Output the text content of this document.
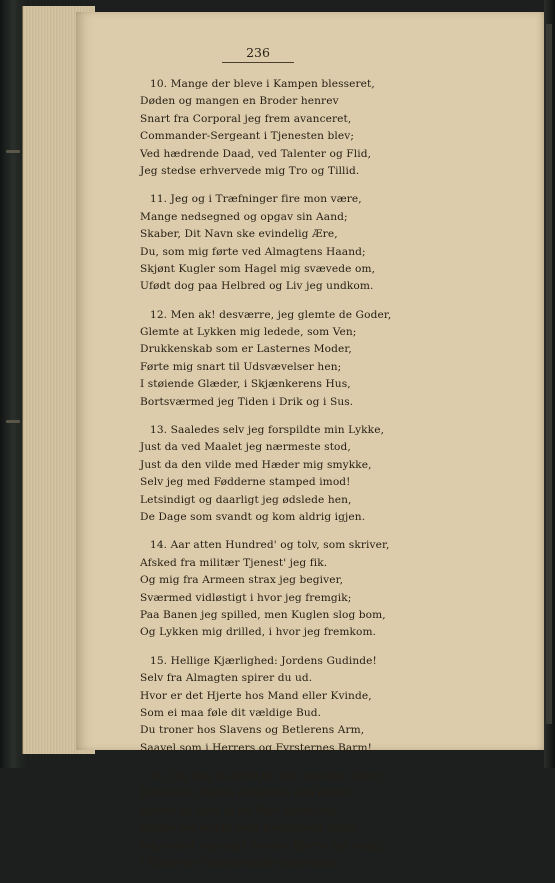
236
10. Mange der bleve i Kampen blesseret,
Døden og mangen en Broder henrev
Snart fra Corporal jeg frem avanceret,
Commander-Sergeant i Tjenesten blev;
Ved hædrende Daad, ved Talenter og Flid,
Jeg stedse erhvervede mig Tro og Tillid.
11. Jeg og i Træfninger fire mon være,
Mange nedsegned og opgav sin Aand;
Skaber, Dit Navn ske evindelig Ære,
Du, som mig førte ved Almagtens Haand;
Skjønt Kugler som Hagel mig svævede om,
Ufødt dog paa Helbred og Liv jeg undkom.
12. Men ak! desværre, jeg glemte de Goder,
Glemte at Lykken mig ledede, som Ven;
Drukkenskab som er Lasternes Moder,
Førte mig snart til Udsvævelser hen;
I støiende Glæder, i Skjænkerens Hus,
Bortsværmed jeg Tiden i Drik og i Sus.
13. Saaledes selv jeg forspildte min Lykke,
Just da ved Maalet jeg nærmeste stod,
Just da den vilde med Hæder mig smykke,
Selv jeg med Fødderne stamped imod!
Letsindigt og daarligt jeg ødslede hen,
De Dage som svandt og kom aldrig igjen.
14. Aar atten Hundred' og tolv, som skriver,
Afsked fra militær Tjenest' jeg fik.
Og mig fra Armeen strax jeg begiver,
Sværmed vidløstigt i hvor jeg fremgik;
Paa Banen jeg spilled, men Kuglen slog bom,
Og Lykken mig drilled, i hvor jeg fremkom.
15. Hellige Kjærlighed: Jordens Gudinde!
Selv fra Almagten spirer du ud.
Hvor er det Hjerte hos Mand eller Kvinde,
Som ei maa føle dit vældige Bud.
Du troner hos Slavens og Betlerens Arm,
Saavel som i Herrers og Fyrsternes Barm!
16. Jeg stig nu frem til den mandige Alder,
Elskovens Fakkel antændte min Barm!
Hjerte og Sind til en Pige henfalder,
Hende jeg elskte med Kjærlighed varm!
Jeg beiled, og snart hendes Hjerte jeg vandt,
I Elskoven Timerne blide hensvandt.
